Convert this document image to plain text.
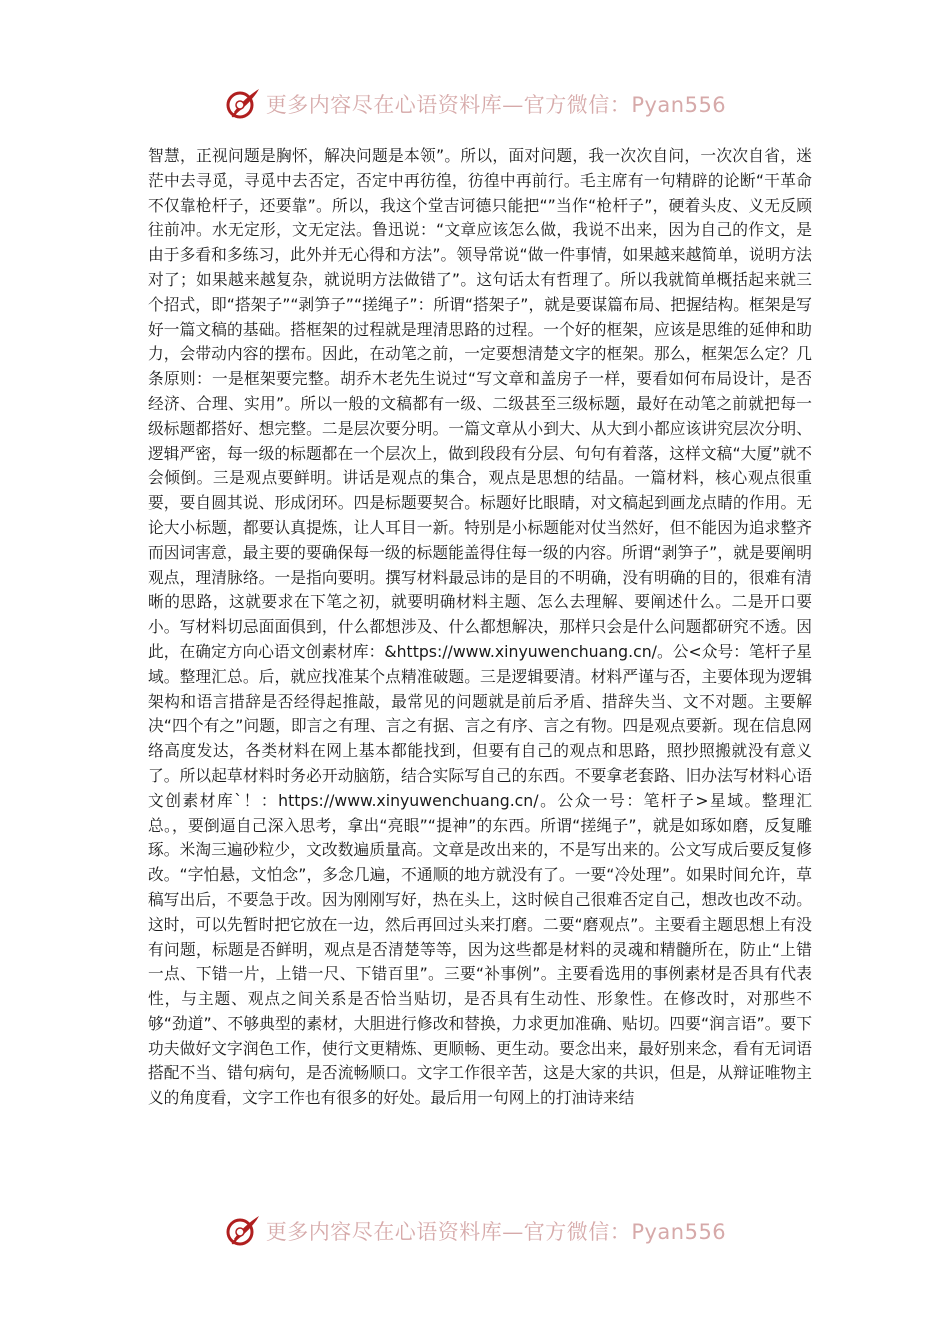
更多内容尽在心语资料库—官方微信：Pyan556

智慧，正视问题是胸怀，解决问题是本领”。所以，面对问题，我一次次自问，一次次自省，迷茫中去寻觅，寻觅中去否定，否定中再彷徨，彷徨中再前行。毛主席有一句精辟的论断“干革命不仅靠枪杆子，还要靠”。所以，我这个堂吉诃德只能把“”当作“枪杆子”，硬着头皮、义无反顾往前冲。水无定形，文无定法。鲁迅说：“文章应该怎么做，我说不出来，因为自己的作文，是由于多看和多练习，此外并无心得和方法”。领导常说“做一件事情，如果越来越简单，说明方法对了；如果越来越复杂，就说明方法做错了”。这句话太有哲理了。所以我就简单概括起来就三个招式，即“搭架子”“剥笋子”“搓绳子”：所谓“搭架子”，就是要谋篇布局、把握结构。框架是写好一篇文稿的基础。搭框架的过程就是理清思路的过程。一个好的框架，应该是思维的延伸和助力，会带动内容的摆布。因此，在动笔之前，一定要想清楚文字的框架。那么，框架怎么定？几条原则：一是框架要完整。胡乔木老先生说过“写文章和盖房子一样，要看如何布局设计，是否经济、合理、实用”。所以一般的文稿都有一级、二级甚至三级标题，最好在动笔之前就把每一级标题都搭好、想完整。二是层次要分明。一篇文章从小到大、从大到小都应该讲究层次分明、逻辑严密，每一级的标题都在一个层次上，做到段段有分层、句句有着落，这样文稿“大厦”就不会倾倒。三是观点要鲜明。讲话是观点的集合，观点是思想的结晶。一篇材料，核心观点很重要，要自圆其说、形成闭环。四是标题要契合。标题好比眼睛，对文稿起到画龙点睛的作用。无论大小标题，都要认真提炼，让人耳目一新。特别是小标题能对仗当然好，但不能因为追求整齐而因词害意，最主要的要确保每一级的标题能盖得住每一级的内容。所谓“剥笋子”，就是要阐明观点，理清脉络。一是指向要明。撰写材料最忌讳的是目的不明确，没有明确的目的，很难有清晰的思路，这就要求在下笔之初，就要明确材料主题、怎么去理解、要阐述什么。二是开口要小。写材料切忌面面俱到，什么都想涉及、什么都想解决，那样只会是什么问题都研究不透。因此，在确定方向心语文创素材库：&https://www.xinyuwenchuang.cn/。公<众号：笔杆子星域。整理汇总。后，就应找准某个点精准破题。三是逻辑要清。材料严谨与否，主要体现为逻辑架构和语言措辞是否经得起推敲，最常见的问题就是前后矛盾、措辞失当、文不对题。主要解决“四个有之”问题，即言之有理、言之有据、言之有序、言之有物。四是观点要新。现在信息网络高度发达，各类材料在网上基本都能找到，但要有自己的观点和思路，照抄照搬就没有意义了。所以起草材料时务必开动脑筋，结合实际写自己的东西。不要拿老套路、旧办法写材料心语文创素材库`！：https://www.xinyuwenchuang.cn/。公众一号：笔杆子>星域。整理汇总。，要倒逼自己深入思考，拿出“亮眼”“提神”的东西。所谓“搓绳子”，就是如琢如磨，反复雕琢。米淘三遍砂粒少，文改数遍质量高。文章是改出来的，不是写出来的。公文写成后要反复修改。“字怕悬，文怕念”，多念几遍，不通顺的地方就没有了。一要“冷处理”。如果时间允许，草稿写出后，不要急于改。因为刚刚写好，热在头上，这时候自己很难否定自己，想改也改不动。这时，可以先暂时把它放在一边，然后再回过头来打磨。二要“磨观点”。主要看主题思想上有没有问题，标题是否鲜明，观点是否清楚等等，因为这些都是材料的灵魂和精髓所在，防止“上错一点、下错一片，上错一尺、下错百里”。三要“补事例”。主要看选用的事例素材是否具有代表性，与主题、观点之间关系是否恰当贴切，是否具有生动性、形象性。在修改时，对那些不够“劲道”、不够典型的素材，大胆进行修改和替换，力求更加准确、贴切。四要“润言语”。要下功夫做好文字润色工作，使行文更精炼、更顺畅、更生动。要念出来，最好别来念，看有无词语搭配不当、错句病句，是否流畅顺口。文字工作很辛苦，这是大家的共识，但是，从辩证唯物主义的角度看，文字工作也有很多的好处。最后用一句网上的打油诗来结

更多内容尽在心语资料库—官方微信：Pyan556
